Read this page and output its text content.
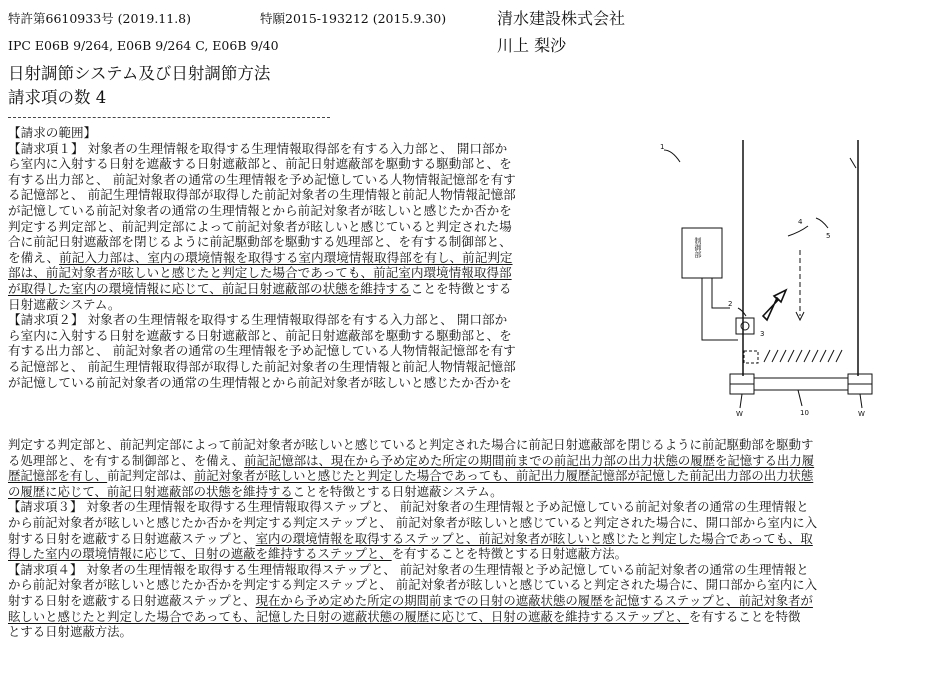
特許第6610933号 (2019.11.8)	特願2015-193212 (2015.9.30)
IPC E06B 9/264, E06B 9/264 C, E06B 9/40
清水建設株式会社
川上 梨沙
日射調節システム及び日射調節方法
請求項の数 4

【請求の範囲】

【請求項１】 対象者の生理情報を取得する生理情報取得部を有する入力部と、 開口部か

ら室内に入射する日射を遮蔽する日射遮蔽部と、前記日射遮蔽部を駆動する駆動部と、を

有する出力部と、 前記対象者の通常の生理情報を予め記憶している人物情報記憶部を有す

る記憶部と、 前記生理情報取得部が取得した前記対象者の生理情報と前記人物情報記憶部

が記憶している前記対象者の通常の生理情報とから前記対象者が眩しいと感じたか否かを

判定する判定部と、前記判定部によって前記対象者が眩しいと感じていると判定された場

合に前記日射遮蔽部を閉じるように前記駆動部を駆動する処理部と、を有する制御部と、

を備え、前記入力部は、室内の環境情報を取得する室内環境情報取得部を有し、前記判定

部は、前記対象者が眩しいと感じたと判定した場合であっても、前記室内環境情報取得部

が取得した室内の環境情報に応じて、前記日射遮蔽部の状態を維持することを特徴とする

日射遮蔽システム。

【請求項２】 対象者の生理情報を取得する生理情報取得部を有する入力部と、 開口部か

ら室内に入射する日射を遮蔽する日射遮蔽部と、前記日射遮蔽部を駆動する駆動部と、を

有する出力部と、 前記対象者の通常の生理情報を予め記憶している人物情報記憶部を有す

る記憶部と、 前記生理情報取得部が取得した前記対象者の生理情報と前記人物情報記憶部

が記憶している前記対象者の通常の生理情報とから前記対象者が眩しいと感じたか否かを

判定する判定部と、前記判定部によって前記対象者が眩しいと感じていると判定された場合に前記日射遮蔽部を閉じるように前記駆動部を駆動す

る処理部と、を有する制御部と、を備え、前記記憶部は、現在から予め定めた所定の期間前までの前記出力部の出力状態の履歴を記憶する出力履

歴記憶部を有し、前記判定部は、前記対象者が眩しいと感じたと判定した場合であっても、前記出力履歴記憶部が記憶した前記出力部の出力状態

の履歴に応じて、前記日射遮蔽部の状態を維持することを特徴とする日射遮蔽システム。

【請求項３】 対象者の生理情報を取得する生理情報取得ステップと、 前記対象者の生理情報と予め記憶している前記対象者の通常の生理情報と

から前記対象者が眩しいと感じたか否かを判定する判定ステップと、 前記対象者が眩しいと感じていると判定された場合に、開口部から室内に入

射する日射を遮蔽する日射遮蔽ステップと、室内の環境情報を取得するステップと、前記対象者が眩しいと感じたと判定した場合であっても、取

得した室内の環境情報に応じて、日射の遮蔽を維持するステップと、を有することを特徴とする日射遮蔽方法。

【請求項４】 対象者の生理情報を取得する生理情報取得ステップと、 前記対象者の生理情報と予め記憶している前記対象者の通常の生理情報と

から前記対象者が眩しいと感じたか否かを判定する判定ステップと、 前記対象者が眩しいと感じていると判定された場合に、開口部から室内に入

射する日射を遮蔽する日射遮蔽ステップと、現在から予め定めた所定の期間前までの日射の遮蔽状態の履歴を記憶するステップと、前記対象者が

眩しいと感じたと判定した場合であっても、記憶した日射の遮蔽状態の履歴に応じて、日射の遮蔽を維持するステップと、を有することを特徴

とする日射遮蔽方法。

制御部
1
4
5
2
3
10
W	W
